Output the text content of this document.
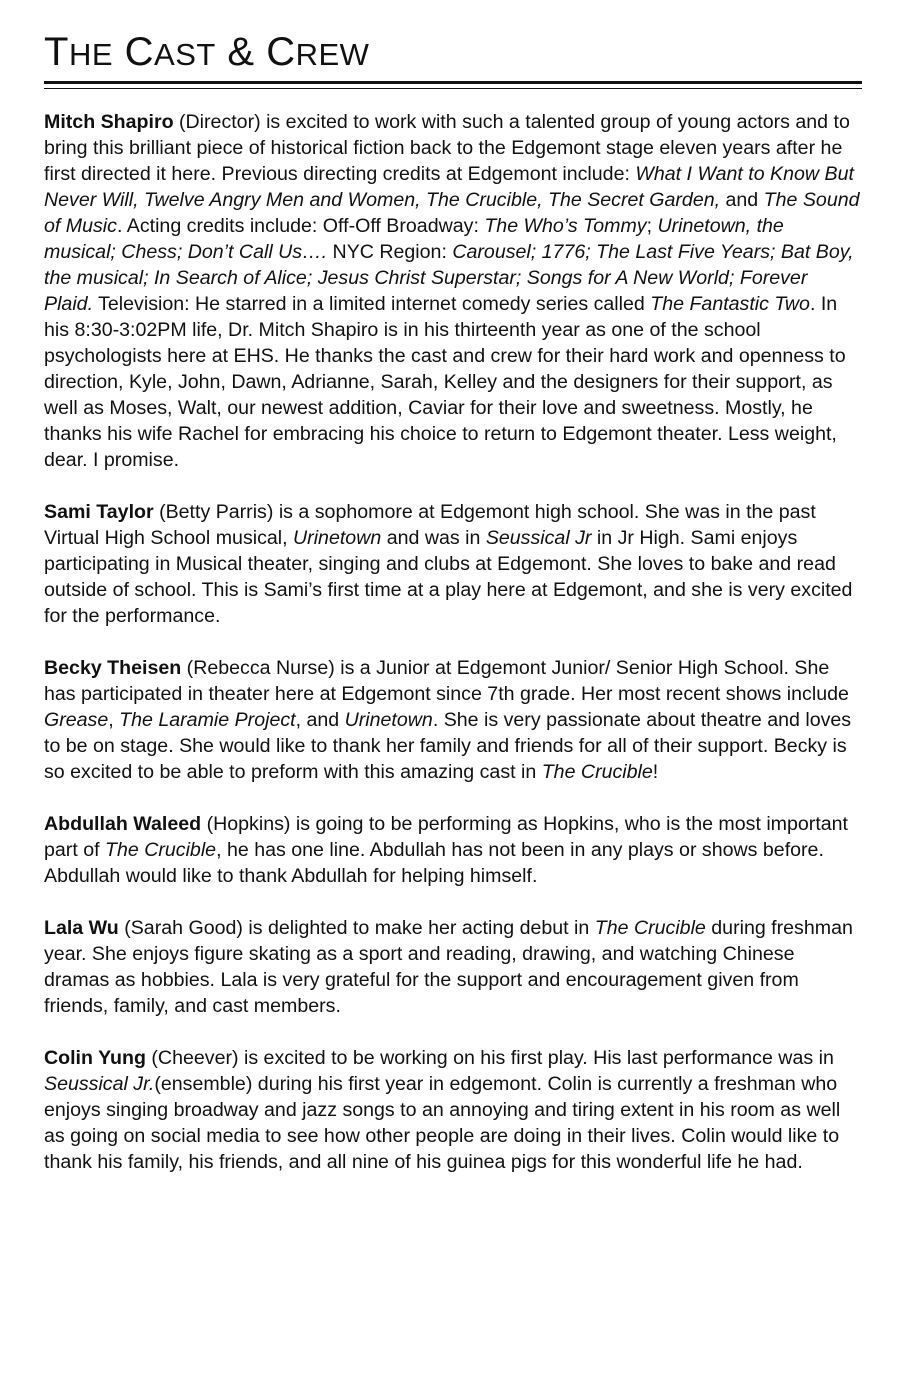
THE CAST & CREW

Mitch Shapiro (Director) is excited to work with such a talented group of young actors and to bring this brilliant piece of historical fiction back to the Edgemont stage eleven years after he first directed it here. Previous directing credits at Edgemont include: What I Want to Know But Never Will, Twelve Angry Men and Women, The Crucible, The Secret Garden, and The Sound of Music. Acting credits include: Off-Off Broadway: The Who’s Tommy; Urinetown, the musical; Chess; Don’t Call Us…. NYC Region: Carousel; 1776; The Last Five Years; Bat Boy, the musical; In Search of Alice; Jesus Christ Superstar; Songs for A New World; Forever Plaid. Television: He starred in a limited internet comedy series called The Fantastic Two. In his 8:30-3:02PM life, Dr. Mitch Shapiro is in his thirteenth year as one of the school psychologists here at EHS. He thanks the cast and crew for their hard work and openness to direction, Kyle, John, Dawn, Adrianne, Sarah, Kelley and the designers for their support, as well as Moses, Walt, our newest addition, Caviar for their love and sweetness. Mostly, he thanks his wife Rachel for embracing his choice to return to Edgemont theater. Less weight, dear. I promise.

Sami Taylor (Betty Parris) is a sophomore at Edgemont high school. She was in the past Virtual High School musical, Urinetown and was in Seussical Jr in Jr High. Sami enjoys participating in Musical theater, singing and clubs at Edgemont. She loves to bake and read outside of school. This is Sami’s first time at a play here at Edgemont, and she is very excited for the performance.

Becky Theisen (Rebecca Nurse) is a Junior at Edgemont Junior/ Senior High School. She has participated in theater here at Edgemont since 7th grade. Her most recent shows include Grease, The Laramie Project, and Urinetown. She is very passionate about theatre and loves to be on stage. She would like to thank her family and friends for all of their support. Becky is so excited to be able to preform with this amazing cast in The Crucible!

Abdullah Waleed (Hopkins) is going to be performing as Hopkins, who is the most important part of The Crucible, he has one line. Abdullah has not been in any plays or shows before. Abdullah would like to thank Abdullah for helping himself.

Lala Wu (Sarah Good) is delighted to make her acting debut in The Crucible during freshman year. She enjoys figure skating as a sport and reading, drawing, and watching Chinese dramas as hobbies. Lala is very grateful for the support and encouragement given from friends, family, and cast members.

Colin Yung (Cheever) is excited to be working on his first play. His last performance was in Seussical Jr.(ensemble) during his first year in edgemont. Colin is currently a freshman who enjoys singing broadway and jazz songs to an annoying and tiring extent in his room as well as going on social media to see how other people are doing in their lives. Colin would like to thank his family, his friends, and all nine of his guinea pigs for this wonderful life he had.
